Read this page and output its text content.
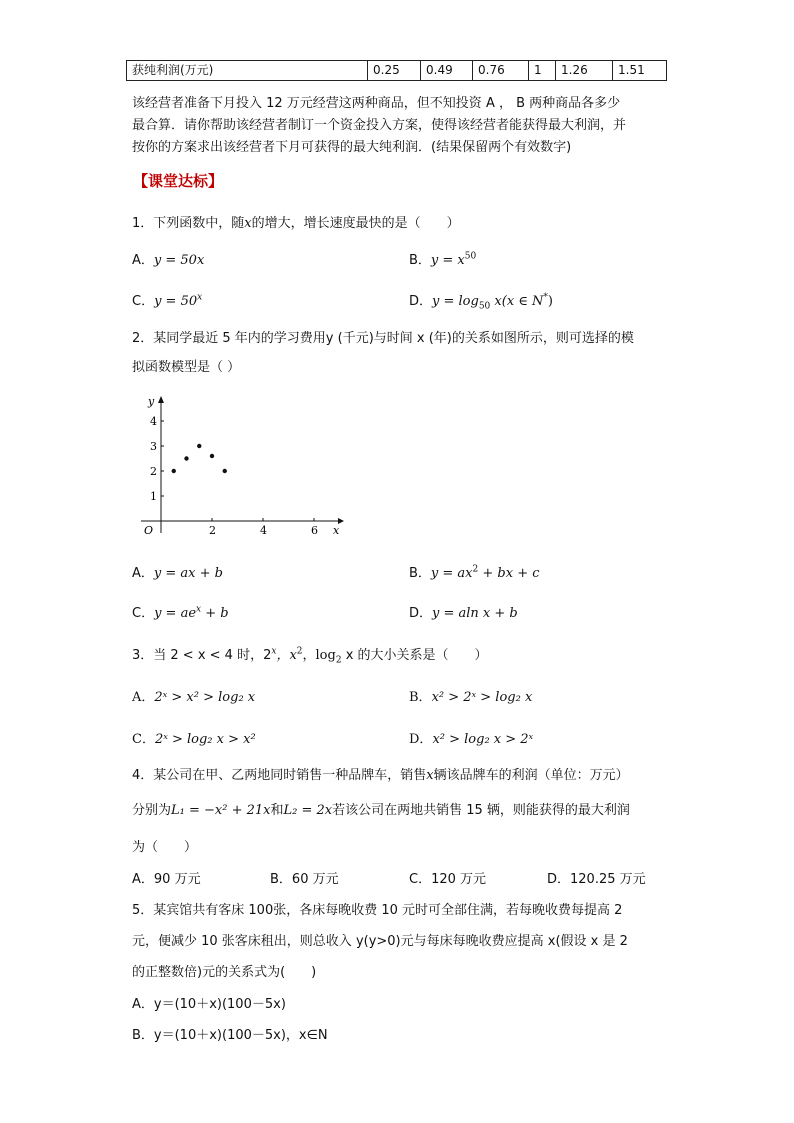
获纯利润(万元)	0.25	0.49	0.76	1	1.26	1.51
该经营者准备下月投入 12 万元经营这两种商品，但不知投资 A ， B 两种商品各多少
最合算．请你帮助该经营者制订一个资金投入方案，使得该经营者能获得最大利润，并
按你的方案求出该经营者下月可获得的最大纯利润．(结果保留两个有效数字)
【课堂达标】
1．下列函数中，随x的增大，增长速度最快的是（　　）
A．y = 50x	B．$y = x^{50}$
C．$y = 50^x$	D．$y = \log_{50} x(x$ ∈ N*)
2．某同学最近 5 年内的学习费用y (千元)与时间 x (年)的关系如图所示，则可选择的模
拟函数模型是（ ）
x
y
O	2	4	6
1
2
3
4
A．y = ax + b	B．$y = ax^2$ + bx + c
C．$y = ae^x + b$	D．y = aln x + b
3．当 2 < x < 4 时，2$^x$，$x^2$，$\log_2 x$ 的大小关系是（　　）
A．2ˣ > x² > log₂ x	B．x² > 2ˣ > log₂ x
C．2ˣ > log₂ x > x²	D．x² > log₂ x > 2ˣ
4．某公司在甲、乙两地同时销售一种品牌车，销售x辆该品牌车的利润（单位：万元）
分别为L₁ = −x² + 21x和L₂ = 2x若该公司在两地共销售 15 辆，则能获得的最大利润
为（　　）
A．90 万元	B．60 万元	C．120 万元	D．120.25 万元
5．某宾馆共有客床 100张，各床每晚收费 10 元时可全部住满，若每晚收费每提高 2
元，便减少 10 张客床租出，则总收入 y(y>0)元与每床每晚收费应提高 x(假设 x 是 2
的正整数倍)元的关系式为(　　)
A．y＝(10＋x)(100－5x)
B．y＝(10＋x)(100－5x)，x∈N
